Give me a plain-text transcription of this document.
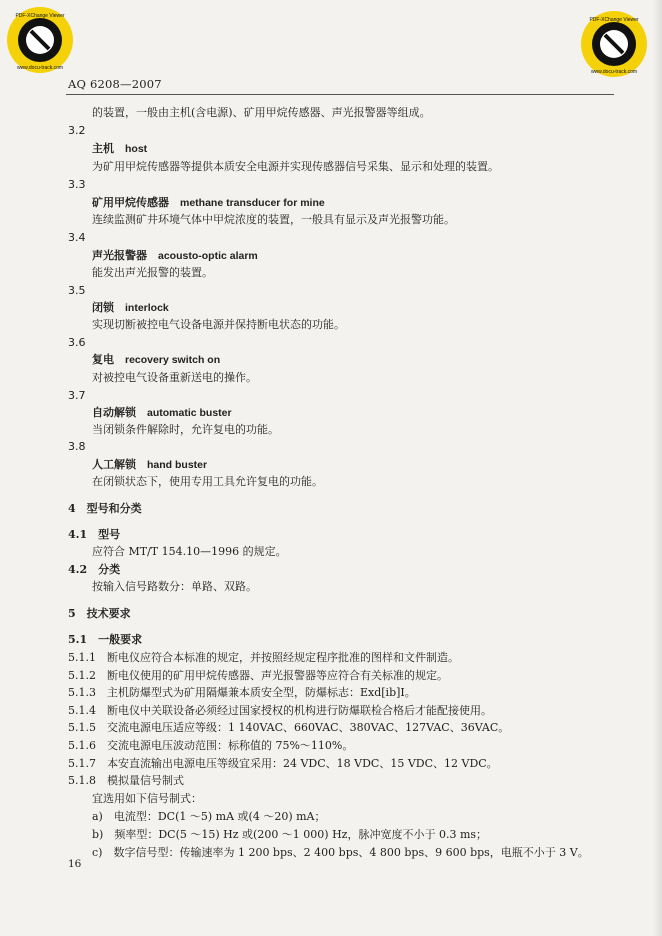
PDF-XChange Viewer
www.docu-track.com
PDF-XChange Viewer
www.docu-track.com
AQ 6208—2007
的装置，一般由主机(含电源)、矿用甲烷传感器、声光报警器等组成。
3.2
主机　 host
为矿用甲烷传感器等提供本质安全电源并实现传感器信号采集、显示和处理的装置。
3.3
矿用甲烷传感器　 methane transducer for mine
连续监测矿井环境气体中甲烷浓度的装置，一般具有显示及声光报警功能。
3.4
声光报警器　 acousto-optic alarm
能发出声光报警的装置。
3.5
闭锁　 interlock
实现切断被控电气设备电源并保持断电状态的功能。
3.6
复电　 recovery switch on
对被控电气设备重新送电的操作。
3.7
自动解锁　 automatic buster
当闭锁条件解除时，允许复电的功能。
3.8
人工解锁　 hand buster
在闭锁状态下，使用专用工具允许复电的功能。
4　型号和分类
4.1　型号
应符合 MT/T 154.10—1996 的规定。
4.2　分类
按输入信号路数分：单路、双路。
5　技术要求
5.1　一般要求
5.1.1　断电仪应符合本标准的规定，并按照经规定程序批准的图样和文件制造。
5.1.2　断电仪使用的矿用甲烷传感器、声光报警器等应符合有关标准的规定。
5.1.3　主机防爆型式为矿用隔爆兼本质安全型，防爆标志：Exd[ib]I。
5.1.4　断电仪中关联设备必须经过国家授权的机构进行防爆联检合格后才能配接使用。
5.1.5　交流电源电压适应等级：1 140VAC、660VAC、380VAC、127VAC、36VAC。
5.1.6　交流电源电压波动范围：标称值的 75%～110%。
5.1.7　本安直流输出电源电压等级宜采用：24 VDC、18 VDC、15 VDC、12 VDC。
5.1.8　模拟量信号制式
宜选用如下信号制式：
a)　电流型：DC(1 ～5) mA 或(4 ～20) mA；
b)　频率型：DC(5 ～15) Hz 或(200 ～1 000) Hz，脉冲宽度不小于 0.3 ms；
c)　数字信号型：传输速率为 1 200 bps、2 400 bps、4 800 bps、9 600 bps，电瓶不小于 3 V。
16
